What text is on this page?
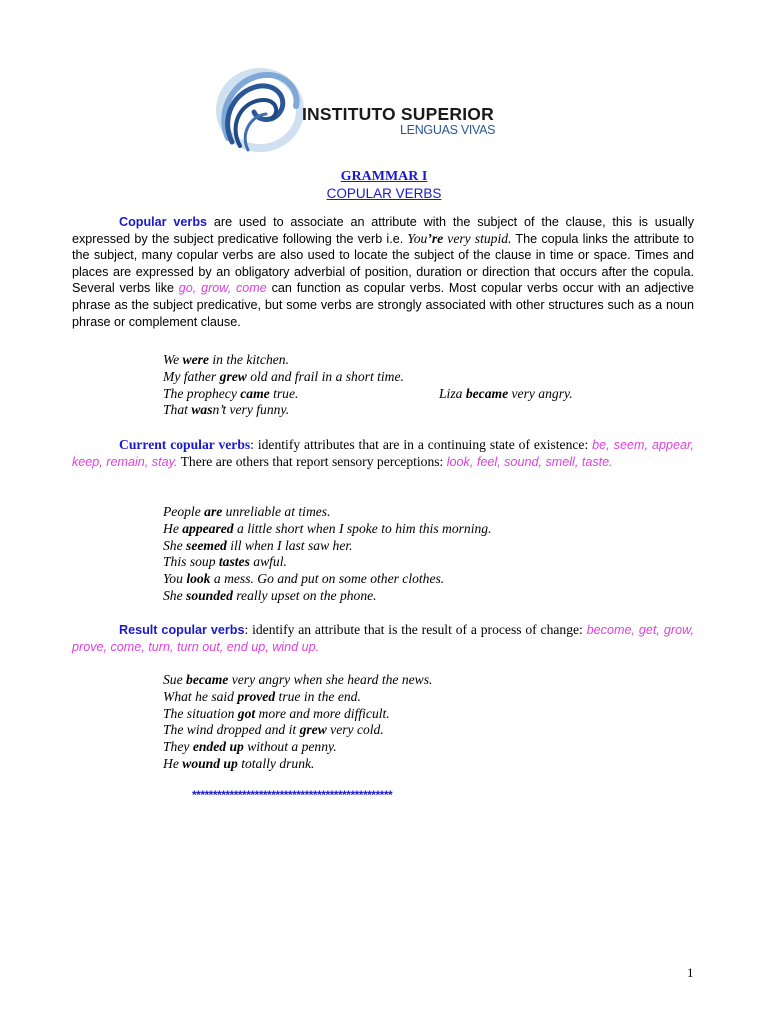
INSTITUTO SUPERIOR
LENGUAS VIVAS
GRAMMAR I
COPULAR VERBS
Copular verbs are used to associate an attribute with the subject of the clause, this is usually expressed by the subject predicative following the verb i.e. You’re very stupid. The copula links the attribute to the subject, many copular verbs are also used to locate the subject of the clause in time or space. Times and places are expressed by an obligatory adverbial of position, duration or direction that occurs after the copula. Several verbs like go, grow, come can function as copular verbs. Most copular verbs occur with an adjective phrase as the subject predicative, but some verbs are strongly associated with other structures such as a noun phrase or complement clause.
We were in the kitchen.
My father grew old and frail in a short time.
The prophecy came true.	Liza became very angry.
That wasn’t very funny.
Current copular verbs: identify attributes that are in a continuing state of existence: be, seem, appear, keep, remain, stay. There are others that report sensory perceptions: look, feel, sound, smell, taste.
People are unreliable at times.
He appeared a little short when I spoke to him this morning.
She seemed ill when I last saw her.
This soup tastes awful.
You look a mess. Go and put on some other clothes.
She sounded really upset on the phone.
Result copular verbs: identify an attribute that is the result of a process of change: become, get, grow, prove, come, turn, turn out, end up, wind up.
Sue became very angry when she heard the news.
What he said proved true in the end.
The situation got more and more difficult.
The wind dropped and it grew very cold.
They ended up without a penny.
He wound up totally drunk.
************************************************
1
